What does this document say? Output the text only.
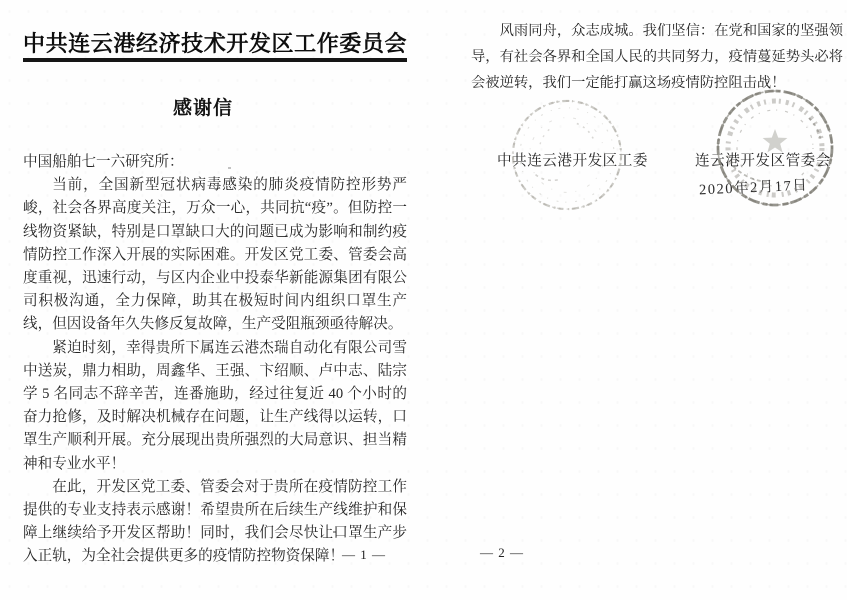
中共连云港经济技术开发区工作委员会
感谢信

中国船舶七一六研究所：

当前，全国新型冠状病毒感染的肺炎疫情防控形势严峻，社会各界高度关注，万众一心，共同抗“疫”。但防控一线物资紧缺，特别是口罩缺口大的问题已成为影响和制约疫情防控工作深入开展的实际困难。开发区党工委、管委会高度重视，迅速行动，与区内企业中投泰华新能源集团有限公司积极沟通，全力保障，助其在极短时间内组织口罩生产线，但因设备年久失修反复故障，生产受阻瓶颈亟待解决。

紧迫时刻，幸得贵所下属连云港杰瑞自动化有限公司雪中送炭，鼎力相助，周鑫华、王强、卞绍顺、卢中志、陆宗学 5 名同志不辞辛苦，连番施助，经过往复近 40 个小时的奋力抢修，及时解决机械存在问题，让生产线得以运转，口罩生产顺利开展。充分展现出贵所强烈的大局意识、担当精神和专业水平！

在此，开发区党工委、管委会对于贵所在疫情防控工作提供的专业支持表示感谢！希望贵所在后续生产线维护和保障上继续给予开发区帮助！同时，我们会尽快让口罩生产步入正轨，为全社会提供更多的疫情防控物资保障！

风雨同舟，众志成城。我们坚信：在党和国家的坚强领导，有社会各界和全国人民的共同努力，疫情蔓延势头必将会被逆转，我们一定能打赢这场疫情防控阻击战！

中共连云港开发区工委	连云港开发区管委会
2020年2月17日
— 1 —	— 2 —
